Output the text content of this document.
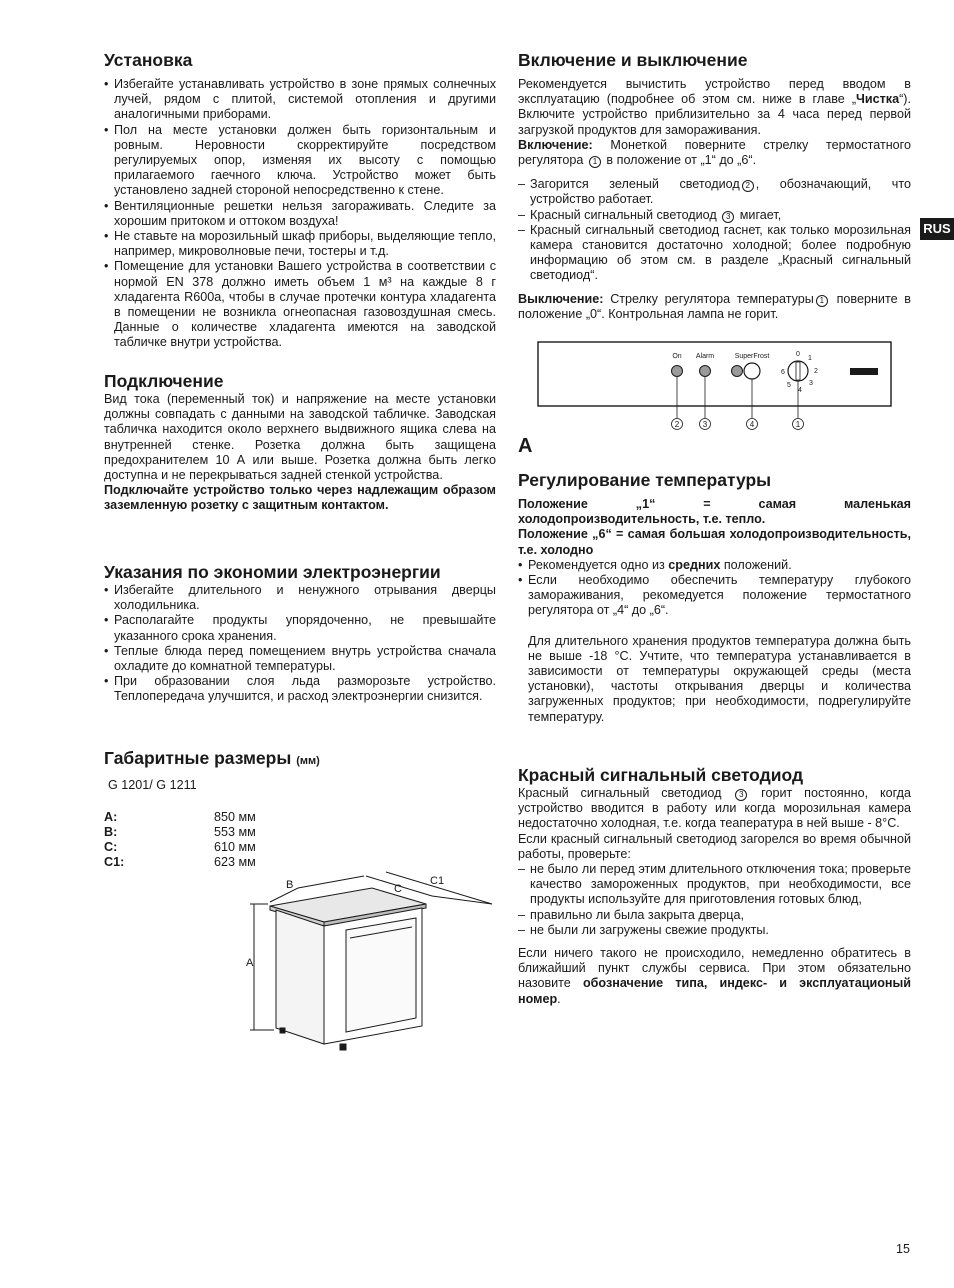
Установка
• Избегайте устанавливать устройство в зоне прямых солнечных лучей, рядом с плитой, системой отопления и другими аналогичными приборами.
• Пол на месте установки должен быть горизонтальным и ровным. Неровности скорректируйте посредством регулируемых опор, изменяя их высоту с помощью прилагаемого гаечного ключа. Устройство может быть установлено задней стороной непосредственно к стене.
• Вентиляционные решетки нельзя загораживать. Следите за хорошим притоком и оттоком воздуха!
• Не ставьте на морозильный шкаф приборы, выделяющие тепло, например, микроволновые печи, тостеры и т.д.
• Помещение для установки Вашего устройства в соответствии с нормой EN 378 должно иметь объем 1 м³ на каждые 8 г хладагента R600a, чтобы в случае протечки контура хладагента в помещении не возникла огнеопасная газовоздушная смесь. Данные о количестве хладагента имеются на заводской табличке внутри устройства.
Подключение

Вид тока (переменный ток) и напряжение на месте установки должны совпадать с данными на заводской табличке. Заводская табличка находится около верхнего выдвижного ящика слева на внутренней стенке. Розетка должна быть защищена предохранителем 10 А или выше. Розетка должна быть легко доступна и не перекрываться задней стенкой устройства.

Подключайте устройство только через надлежащим образом заземленную розетку с защитным контактом.

Указания по экономии электроэнергии
• Избегайте длительного и ненужного отрывания дверцы холодильника.
• Располагайте продукты упорядоченно, не превышайте указанного срока хранения.
• Теплые блюда перед помещением внутрь устройства сначала охладите до комнатной температуры.
• При образовании слоя льда разморозьте устройство. Теплопередача улучшится, и расход электроэнергии снизится.
Габаритные размеры (мм)
G 1201/ G 1211
A:	850 мм
B:	553 мм
C:	610 мм
C1:	623 мм
A
B	C
C1
Включение и выключение

Рекомендуется вычистить устройство перед вводом в эксплуатацию (подробнее об этом см. ниже в главе „Чистка“). Включите устройство приблизительно за 4 часа перед первой загрузкой продуктов для замораживания.

Включение: Монеткой поверните стрелку термостатного регулятора 1 в положение от „1“ до „6“.

– Загорится зеленый светодиод 2 , обозначающий, что устройство работает.
– Красный сигнальный светодиод 3 мигает,
– Красный сигнальный светодиод гаснет, как только морозильная камера становится достаточно холодной; более подробную информацию об этом см. в разделе „Красный сигнальный светодиод“.

Выключение: Стрелку регулятора температуры 1 поверните в положение „0“. Контрольная лампа не горит.

A
Регулирование температуры

Положение „1“ = самая маленькая холодопроизводительность, т.е. тепло.

Положение „6“ = самая большая холодопроизводительность, т.е. холодно

• Рекомендуется одно из средних положений.
• Если необходимо обеспечить температуру глубокого замораживания, рекомедуется положение термостатного регулятора от „4“ до „6“.

Для длительного хранения продуктов температура должна быть не выше -18 °C. Учтите, что температура устанавливается в зависимости от температуры окружающей среды (места установки), частоты открывания дверцы и количества загруженных продуктов; при необходимости, подрегулируйте температуру.

Красный сигнальный светодиод

Красный сигнальный светодиод 3 горит постоянно, когда устройство вводится в работу или когда морозильная камера недостаточно холодная, т.е. когда теапература в ней выше - 8°С.

Если красный сигнальный светодиод загорелся во время обычной работы, проверьте:

– не было ли перед этим длительного отключения тока; проверьте качество замороженных продуктов, при необходимости, все продукты используйте для приготовления готовых блюд,
– правильно ли была закрыта дверца,
– не были ли загружены свежие продукты.

Если ничего такого не происходило, немедленно обратитесь в ближайший пункт службы сервиса. При этом обязательно назовите обозначение типа, индекс- и эксплуатационый номер.

On Alarm	SuperFrost	0
1
2
3
4
5
6
2	3	4	1
RUS
15
